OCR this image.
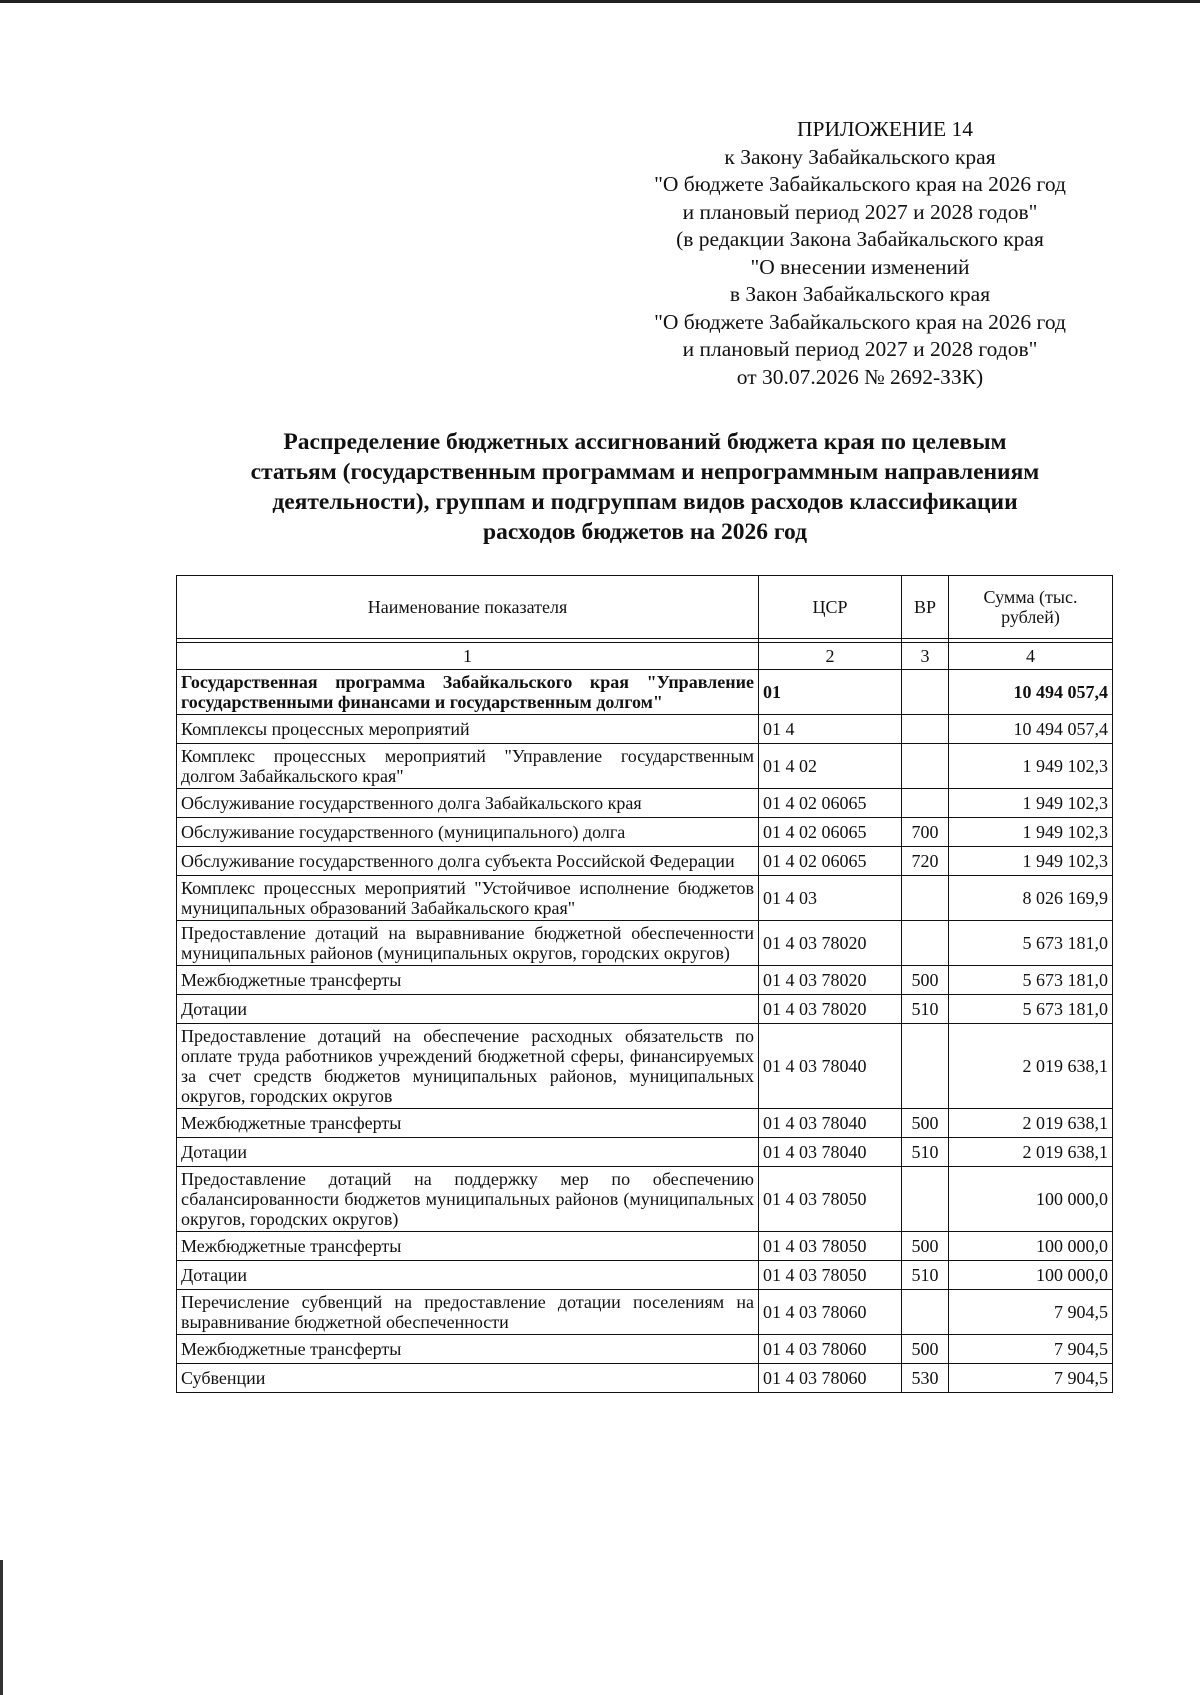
ПРИЛОЖЕНИЕ 14
к Закону Забайкальского края
"О бюджете Забайкальского края на 2026 год
и плановый период 2027 и 2028 годов"
(в редакции Закона Забайкальского края
"О внесении изменений
в Закон Забайкальского края
"О бюджете Забайкальского края на 2026 год
и плановый период 2027 и 2028 годов"
от 30.07.2026 № 2692-ЗЗК)
Распределение бюджетных ассигнований бюджета края по целевым
статьям (государственным программам и непрограммным направлениям
деятельности), группам и подгруппам видов расходов классификации
расходов бюджетов на 2026 год
Наименование показателя	ЦСР	ВР	Сумма (тыс. рублей)

1	2	3	4
Государственная программа Забайкальского края "Управление государственными финансами и государственным долгом"	01		10 494 057,4
Комплексы процессных мероприятий	01 4		10 494 057,4
Комплекс процессных мероприятий "Управление государственным долгом Забайкальского края"	01 4 02		1 949 102,3
Обслуживание государственного долга Забайкальского края	01 4 02 06065		1 949 102,3
Обслуживание государственного (муниципального) долга	01 4 02 06065	700	1 949 102,3
Обслуживание государственного долга субъекта Российской Федерации	01 4 02 06065	720	1 949 102,3
Комплекс процессных мероприятий "Устойчивое исполнение бюджетов муниципальных образований Забайкальского края"	01 4 03		8 026 169,9
Предоставление дотаций на выравнивание бюджетной обеспеченности муниципальных районов (муниципальных округов, городских округов)	01 4 03 78020		5 673 181,0
Межбюджетные трансферты	01 4 03 78020	500	5 673 181,0
Дотации	01 4 03 78020	510	5 673 181,0
Предоставление дотаций на обеспечение расходных обязательств по оплате труда работников учреждений бюджетной сферы, финансируемых за счет средств бюджетов муниципальных районов, муниципальных округов, городских округов	01 4 03 78040		2 019 638,1
Межбюджетные трансферты	01 4 03 78040	500	2 019 638,1
Дотации	01 4 03 78040	510	2 019 638,1
Предоставление дотаций на поддержку мер по обеспечению сбалансированности бюджетов муниципальных районов (муниципальных округов, городских округов)	01 4 03 78050		100 000,0
Межбюджетные трансферты	01 4 03 78050	500	100 000,0
Дотации	01 4 03 78050	510	100 000,0
Перечисление субвенций на предоставление дотации поселениям на выравнивание бюджетной обеспеченности	01 4 03 78060		7 904,5
Межбюджетные трансферты	01 4 03 78060	500	7 904,5
Субвенции	01 4 03 78060	530	7 904,5
